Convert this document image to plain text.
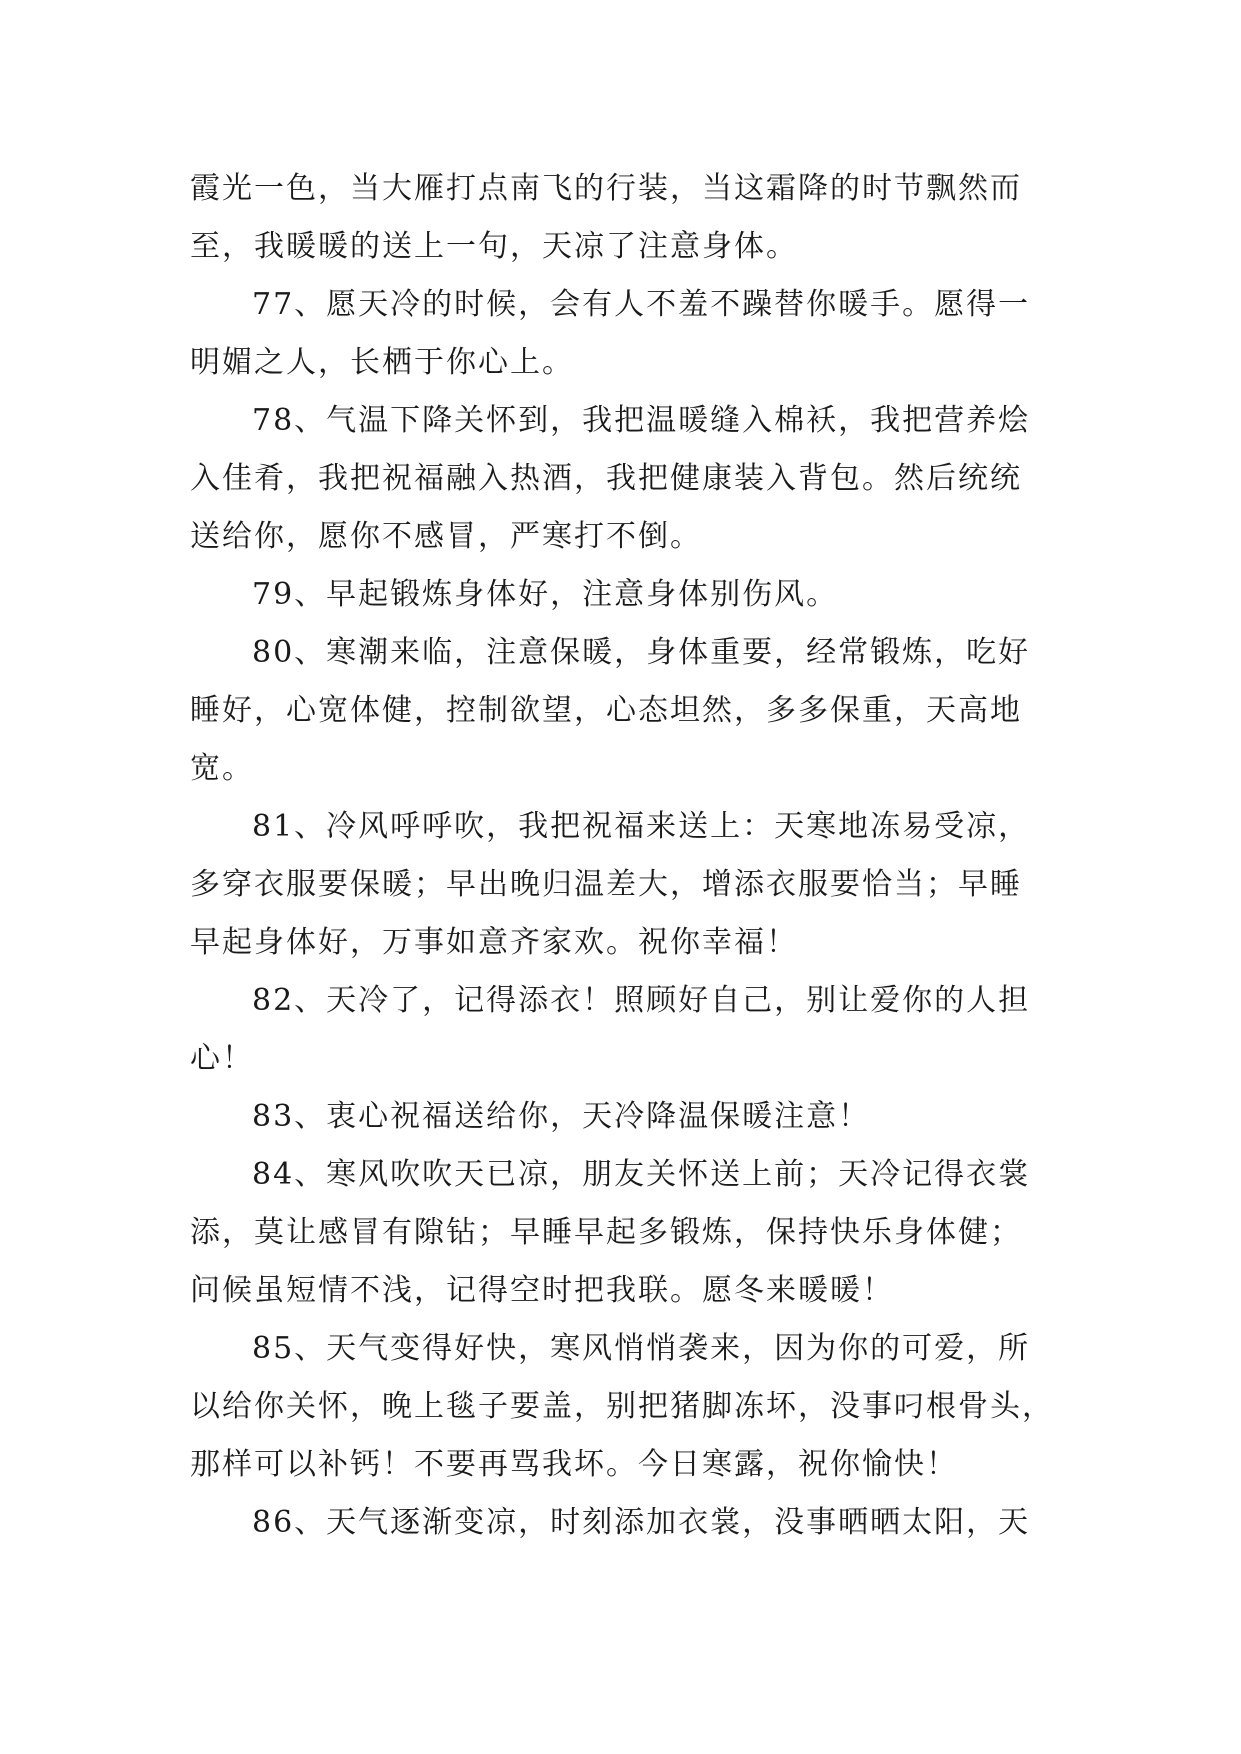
霞光一色，当大雁打点南飞的行装，当这霜降的时节飘然而
至，我暖暖的送上一句，天凉了注意身体。
77、愿天冷的时候，会有人不羞不躁替你暖手。愿得一
明媚之人，长栖于你心上。
78、气温下降关怀到，我把温暖缝入棉袄，我把营养烩
入佳肴，我把祝福融入热酒，我把健康装入背包。然后统统
送给你，愿你不感冒，严寒打不倒。
79、早起锻炼身体好，注意身体别伤风。
80、寒潮来临，注意保暖，身体重要，经常锻炼，吃好
睡好，心宽体健，控制欲望，心态坦然，多多保重，天高地
宽。
81、冷风呼呼吹，我把祝福来送上：天寒地冻易受凉，
多穿衣服要保暖；早出晚归温差大，增添衣服要恰当；早睡
早起身体好，万事如意齐家欢。祝你幸福！
82、天冷了，记得添衣！照顾好自己，别让爱你的人担
心！
83、衷心祝福送给你，天冷降温保暖注意！
84、寒风吹吹天已凉，朋友关怀送上前；天冷记得衣裳
添，莫让感冒有隙钻；早睡早起多锻炼，保持快乐身体健；
问候虽短情不浅，记得空时把我联。愿冬来暖暖！
85、天气变得好快，寒风悄悄袭来，因为你的可爱，所
以给你关怀，晚上毯子要盖，别把猪脚冻坏，没事叼根骨头，
那样可以补钙！不要再骂我坏。今日寒露，祝你愉快！
86、天气逐渐变凉，时刻添加衣裳，没事晒晒太阳，天
